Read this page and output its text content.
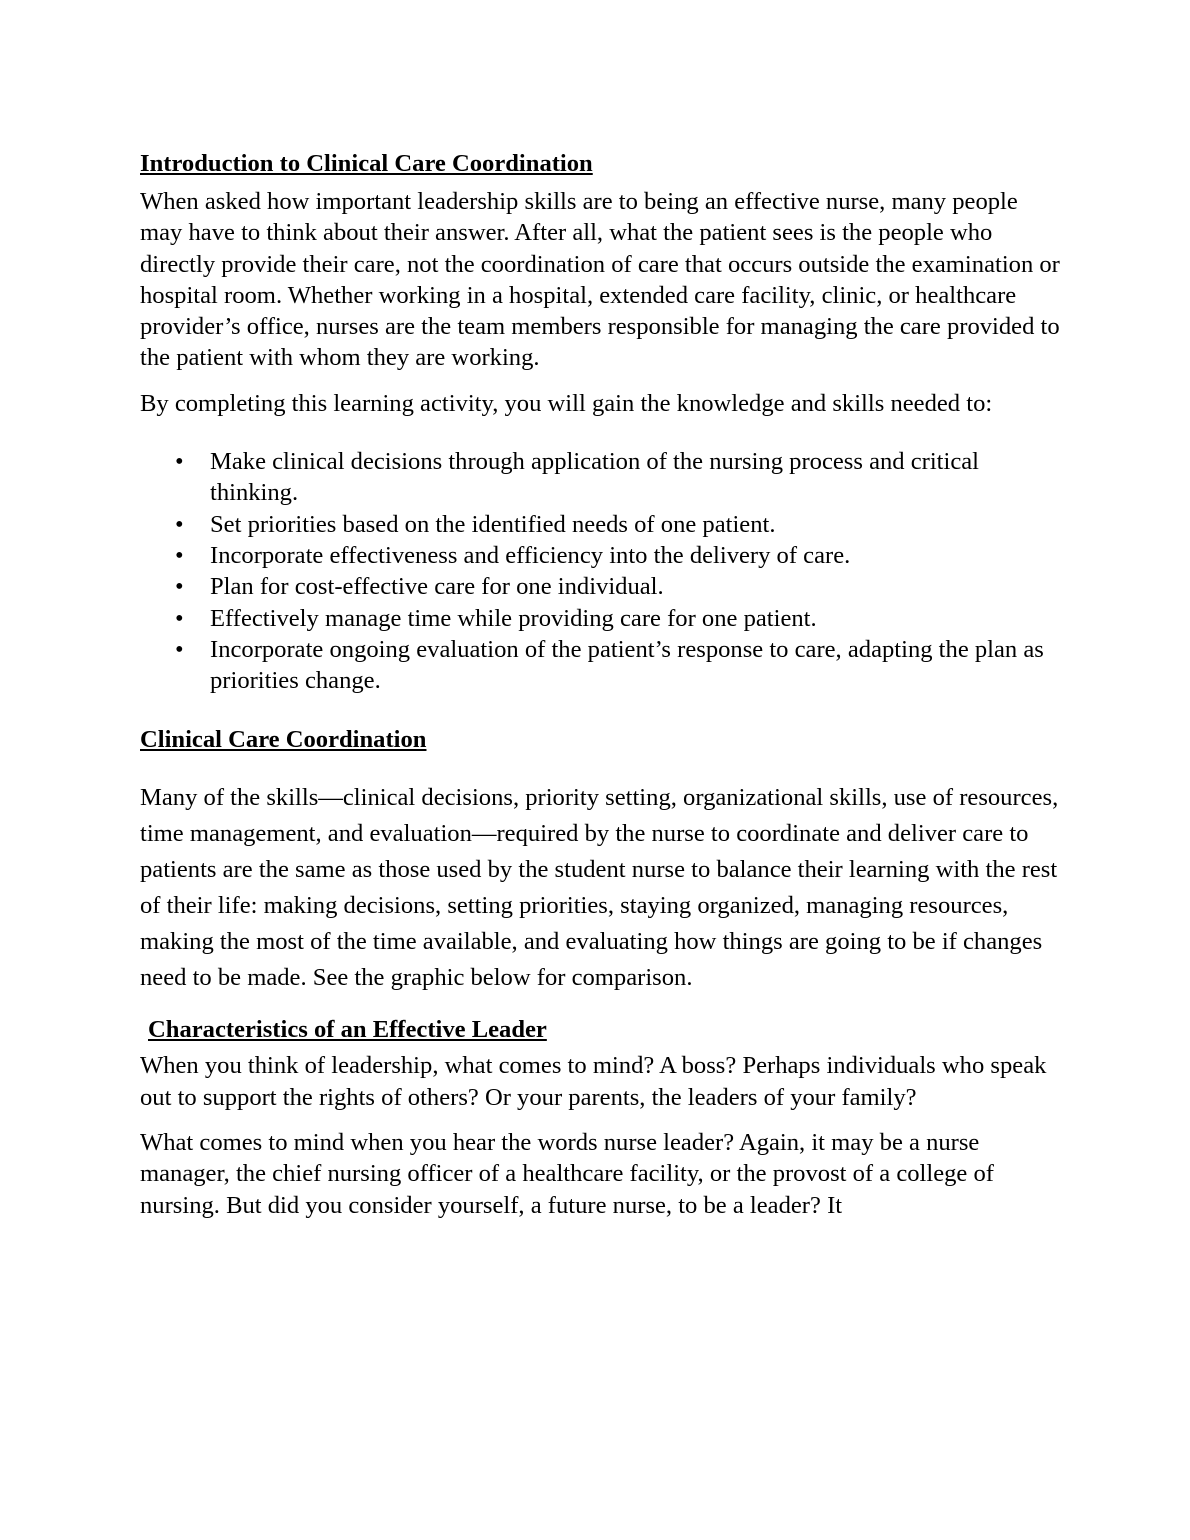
Introduction to Clinical Care Coordination

When asked how important leadership skills are to being an effective nurse, many people may have to think about their answer. After all, what the patient sees is the people who directly provide their care, not the coordination of care that occurs outside the examination or hospital room. Whether working in a hospital, extended care facility, clinic, or healthcare provider’s office, nurses are the team members responsible for managing the care provided to the patient with whom they are working.

By completing this learning activity, you will gain the knowledge and skills needed to:

• Make clinical decisions through application of the nursing process and critical thinking.
• Set priorities based on the identified needs of one patient.
• Incorporate effectiveness and efficiency into the delivery of care.
• Plan for cost-effective care for one individual.
• Effectively manage time while providing care for one patient.
• Incorporate ongoing evaluation of the patient’s response to care, adapting the plan as priorities change.
Clinical Care Coordination

Many of the skills—clinical decisions, priority setting, organizational skills, use of resources, time management, and evaluation—required by the nurse to coordinate and deliver care to patients are the same as those used by the student nurse to balance their learning with the rest of their life: making decisions, setting priorities, staying organized, managing resources, making the most of the time available, and evaluating how things are going to be if changes need to be made. See the graphic below for comparison.

Characteristics of an Effective Leader

When you think of leadership, what comes to mind? A boss? Perhaps individuals who speak out to support the rights of others? Or your parents, the leaders of your family?

What comes to mind when you hear the words nurse leader? Again, it may be a nurse manager, the chief nursing officer of a healthcare facility, or the provost of a college of nursing. But did you consider yourself, a future nurse, to be a leader? It
